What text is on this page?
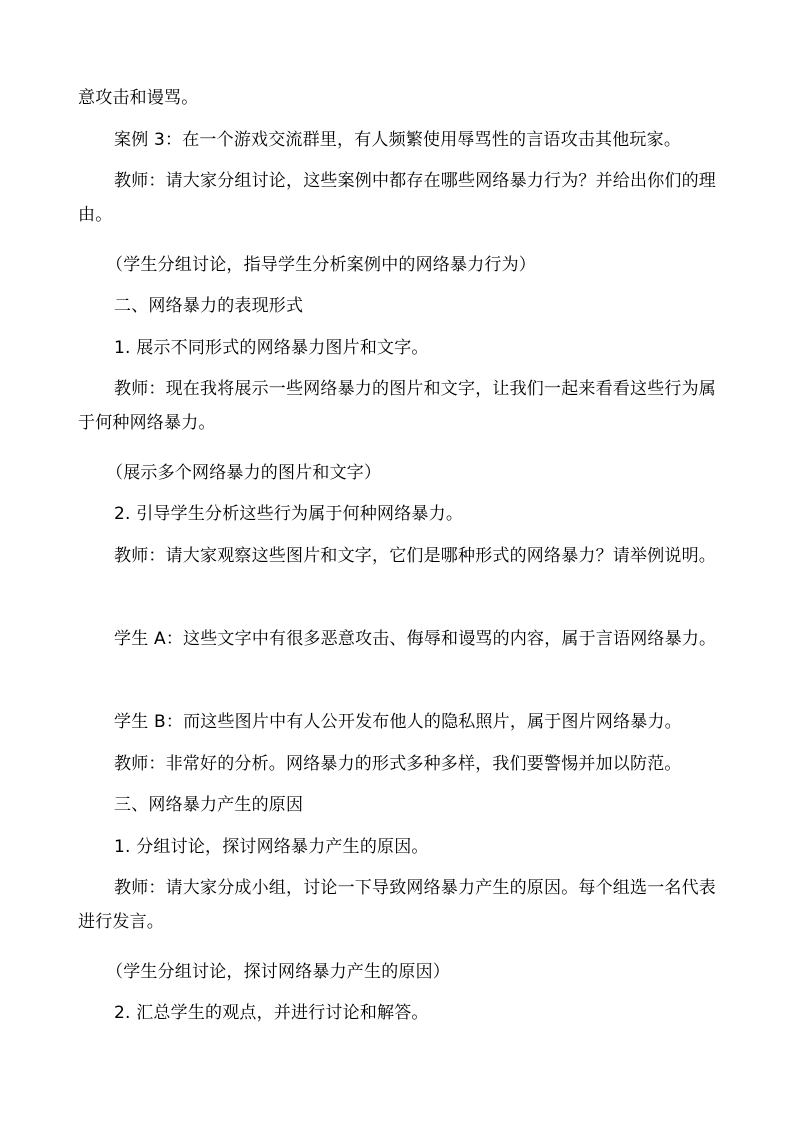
意攻击和谩骂。

案例 3：在一个游戏交流群里，有人频繁使用辱骂性的言语攻击其他玩家。

教师：请大家分组讨论，这些案例中都存在哪些网络暴力行为？并给出你们的理由。

（学生分组讨论，指导学生分析案例中的网络暴力行为）

二、网络暴力的表现形式

1. 展示不同形式的网络暴力图片和文字。

教师：现在我将展示一些网络暴力的图片和文字，让我们一起来看看这些行为属于何种网络暴力。

（展示多个网络暴力的图片和文字）

2. 引导学生分析这些行为属于何种网络暴力。

教师：请大家观察这些图片和文字，它们是哪种形式的网络暴力？请举例说明。

学生 A：这些文字中有很多恶意攻击、侮辱和谩骂的内容，属于言语网络暴力。

学生 B：而这些图片中有人公开发布他人的隐私照片，属于图片网络暴力。

教师：非常好的分析。网络暴力的形式多种多样，我们要警惕并加以防范。

三、网络暴力产生的原因

1. 分组讨论，探讨网络暴力产生的原因。

教师：请大家分成小组，讨论一下导致网络暴力产生的原因。每个组选一名代表进行发言。

（学生分组讨论，探讨网络暴力产生的原因）

2. 汇总学生的观点，并进行讨论和解答。
